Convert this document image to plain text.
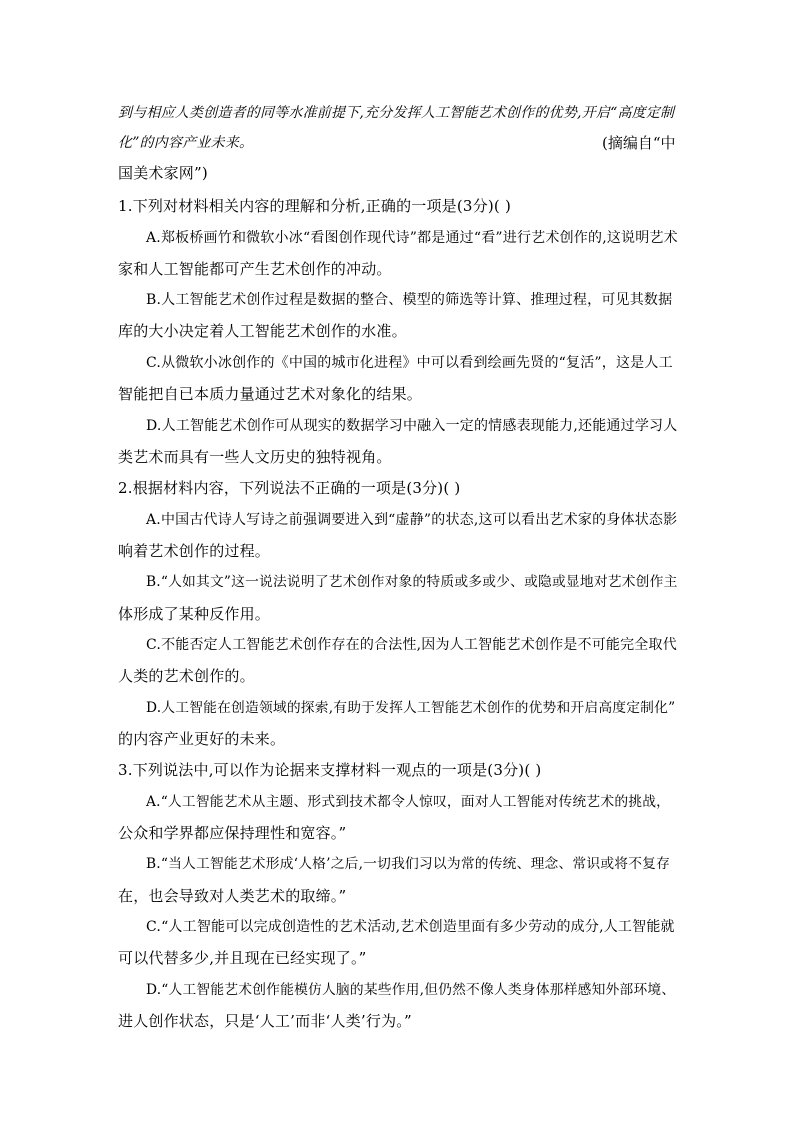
到与相应人类创造者的同等水准前提下,充分发挥人工智能艺术创作的优势,开启“高度定制
化”的内容产业未来。	(摘编自“中
国美术家网”)
1.下列对材料相关内容的理解和分析,正确的一项是(3分)( )
A.郑板桥画竹和微软小冰“看图创作现代诗”都是通过“看”进行艺术创作的,这说明艺术
家和人工智能都可产生艺术创作的冲动。
B.人工智能艺术创作过程是数据的整合、模型的筛选等计算、推理过程，可见其数据
库的大小决定着人工智能艺术创作的水准。
C.从微软小冰创作的《中国的城市化进程》中可以看到绘画先贤的“复活”，这是人工
智能把自已本质力量通过艺术对象化的结果。
D.人工智能艺术创作可从现实的数据学习中融入一定的情感表现能力,还能通过学习人
类艺术而具有一些人文历史的独特视角。
2.根据材料内容，下列说法不正确的一项是(3分)( )
A.中国古代诗人写诗之前强调要进入到“虚静”的状态,这可以看出艺术家的身体状态影
响着艺术创作的过程。
B.“人如其文”这一说法说明了艺术创作对象的特质或多或少、或隐或显地对艺术创作主
体形成了某种反作用。
C.不能否定人工智能艺术创作存在的合法性,因为人工智能艺术创作是不可能完全取代
人类的艺术创作的。
D.人工智能在创造领域的探索,有助于发挥人工智能艺术创作的优势和开启高度定制化”
的内容产业更好的未来。
3.下列说法中,可以作为论据来支撑材料一观点的一项是(3分)( )
A.“人工智能艺术从主题、形式到技术都令人惊叹，面对人工智能对传统艺术的挑战，
公众和学界都应保持理性和宽容。”
B.“当人工智能艺术形成‘人格’之后,一切我们习以为常的传统、理念、常识或将不复存
在，也会导致对人类艺术的取缔。”
C.“人工智能可以完成创造性的艺术活动,艺术创造里面有多少劳动的成分,人工智能就
可以代替多少,并且现在已经实现了。”
D.“人工智能艺术创作能模仿人脑的某些作用,但仍然不像人类身体那样感知外部环境、
进人创作状态，只是‘人工’而非‘人类’行为。”
